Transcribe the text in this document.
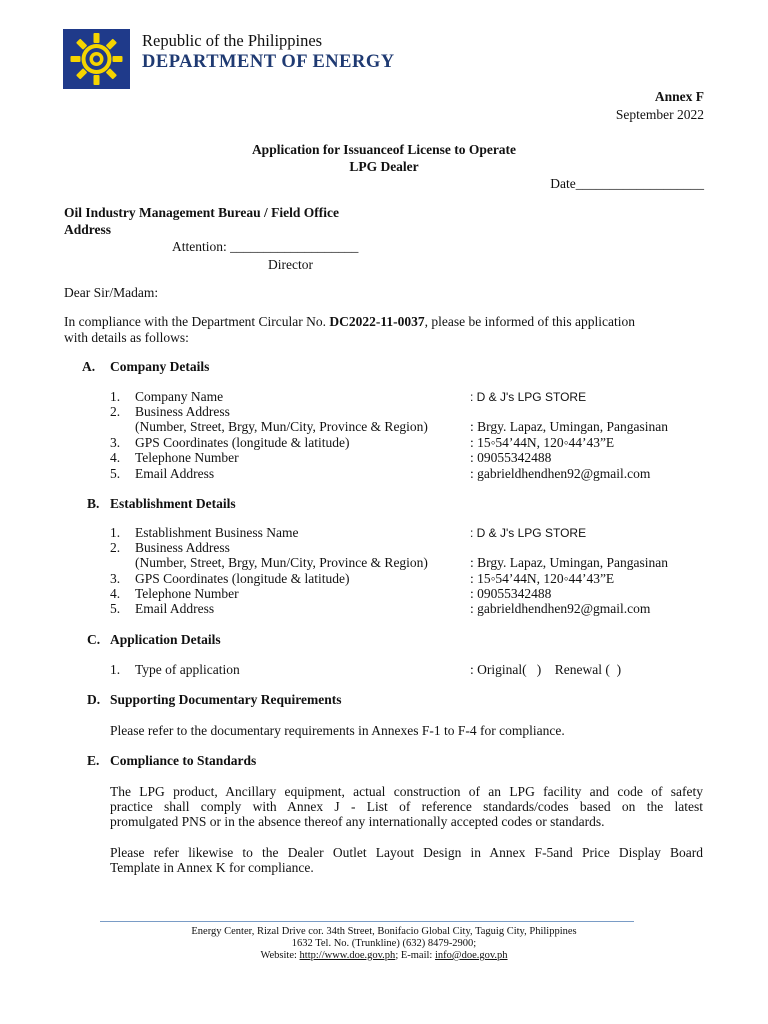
Republic of the Philippines
DEPARTMENT OF ENERGY
Annex F
September 2022
Application for Issuanceof License to Operate
LPG Dealer
Date___________________
Oil Industry Management Bureau / Field Office
Address
Attention: ___________________
Director
Dear Sir/Madam:
In compliance with the Department Circular No. DC2022-11-0037, please be informed of this application
with details as follows:
A. Company Details
1. Company Name	: D & J's LPG STORE
2. Business Address
(Number, Street, Brgy, Mun/City, Province & Region)	: Brgy. Lapaz, Umingan, Pangasinan
3. GPS Coordinates (longitude & latitude)	: 15◦54’44N, 120◦44’43”E
4. Telephone Number	: 09055342488
5. Email Address	: gabrieldhendhen92@gmail.com
B. Establishment Details
1. Establishment Business Name	: D & J's LPG STORE
2. Business Address
(Number, Street, Brgy, Mun/City, Province & Region)	: Brgy. Lapaz, Umingan, Pangasinan
3. GPS Coordinates (longitude & latitude)	: 15◦54’44N, 120◦44’43”E
4. Telephone Number	: 09055342488
5. Email Address	: gabrieldhendhen92@gmail.com
C. Application Details
1. Type of application	: Original(   )    Renewal (  )
D. Supporting Documentary Requirements
Please refer to the documentary requirements in Annexes F-1 to F-4 for compliance.
E. Compliance to Standards
The LPG product, Ancillary equipment, actual construction of an LPG facility and code of safety
practice shall comply with Annex J - List of reference standards/codes based on the latest
promulgated PNS or in the absence thereof any internationally accepted codes or standards.
Please refer likewise to the Dealer Outlet Layout Design in Annex F-5and Price Display Board
Template in Annex K for compliance.
Energy Center, Rizal Drive cor. 34th Street, Bonifacio Global City, Taguig City, Philippines
1632 Tel. No. (Trunkline) (632) 8479-2900;
Website: http://www.doe.gov.ph; E-mail: info@doe.gov.ph
